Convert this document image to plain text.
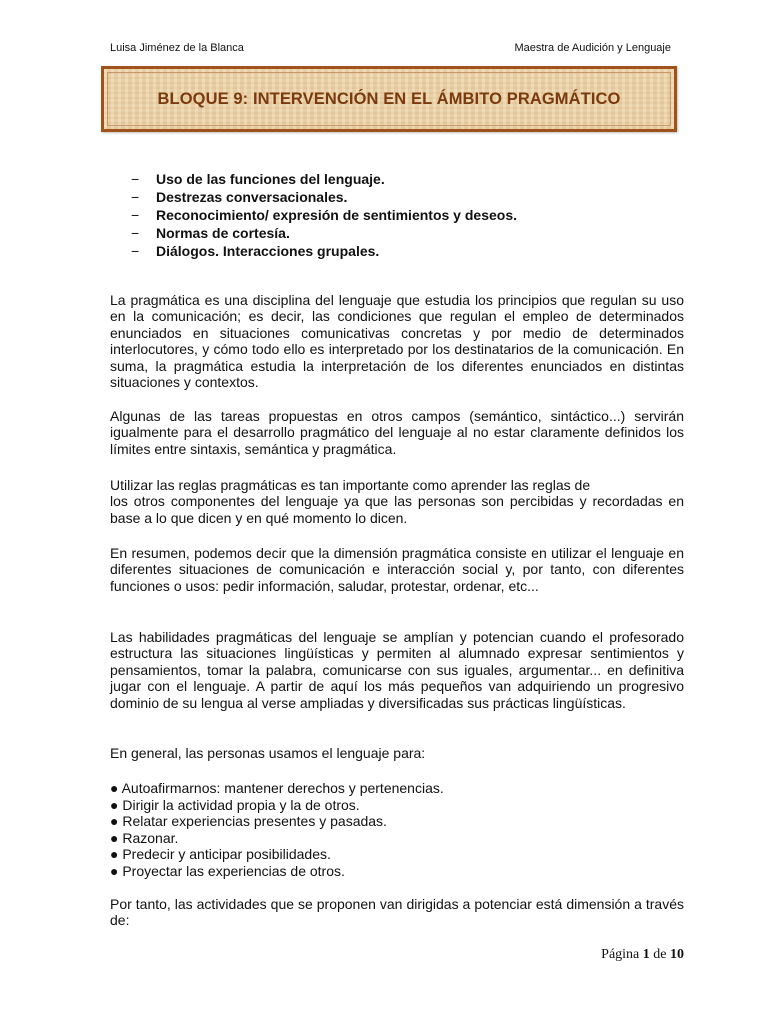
Luisa Jiménez de la Blanca	Maestra de Audición y Lenguaje
BLOQUE 9: INTERVENCIÓN EN EL ÁMBITO PRAGMÁTICO
−	Uso de las funciones del lenguaje.
−	Destrezas conversacionales.
−	Reconocimiento/ expresión de sentimientos y deseos.
−	Normas de cortesía.
−	Diálogos. Interacciones grupales.

La pragmática es una disciplina del lenguaje que estudia los principios que regulan su uso en la comunicación; es decir, las condiciones que regulan el empleo de determinados enunciados en situaciones comunicativas concretas y por medio de determinados interlocutores, y cómo todo ello es interpretado por los destinatarios de la comunicación. En suma, la pragmática estudia la interpretación de los diferentes enunciados en distintas situaciones y contextos.

Algunas de las tareas propuestas en otros campos (semántico, sintáctico...) servirán igualmente para el desarrollo pragmático del lenguaje al no estar claramente definidos los límites entre sintaxis, semántica y pragmática.

Utilizar las reglas pragmáticas es tan importante como aprender las reglas de
los otros componentes del lenguaje ya que las personas son percibidas y recordadas en base a lo que dicen y en qué momento lo dicen.

En resumen, podemos decir que la dimensión pragmática consiste en utilizar el lenguaje en diferentes situaciones de comunicación e interacción social y, por tanto, con diferentes funciones o usos: pedir información, saludar, protestar, ordenar, etc...

Las habilidades pragmáticas del lenguaje se amplían y potencian cuando el profesorado estructura las situaciones lingüísticas y permiten al alumnado expresar sentimientos y pensamientos, tomar la palabra, comunicarse con sus iguales, argumentar... en definitiva jugar con el lenguaje. A partir de aquí los más pequeños van adquiriendo un progresivo dominio de su lengua al verse ampliadas y diversificadas sus prácticas lingüísticas.

En general, las personas usamos el lenguaje para:

● Autoafirmarnos: mantener derechos y pertenencias.
● Dirigir la actividad propia y la de otros.
● Relatar experiencias presentes y pasadas.
● Razonar.
● Predecir y anticipar posibilidades.
● Proyectar las experiencias de otros.

Por tanto, las actividades que se proponen van dirigidas a potenciar está dimensión a través de:

Página 1 de 10
